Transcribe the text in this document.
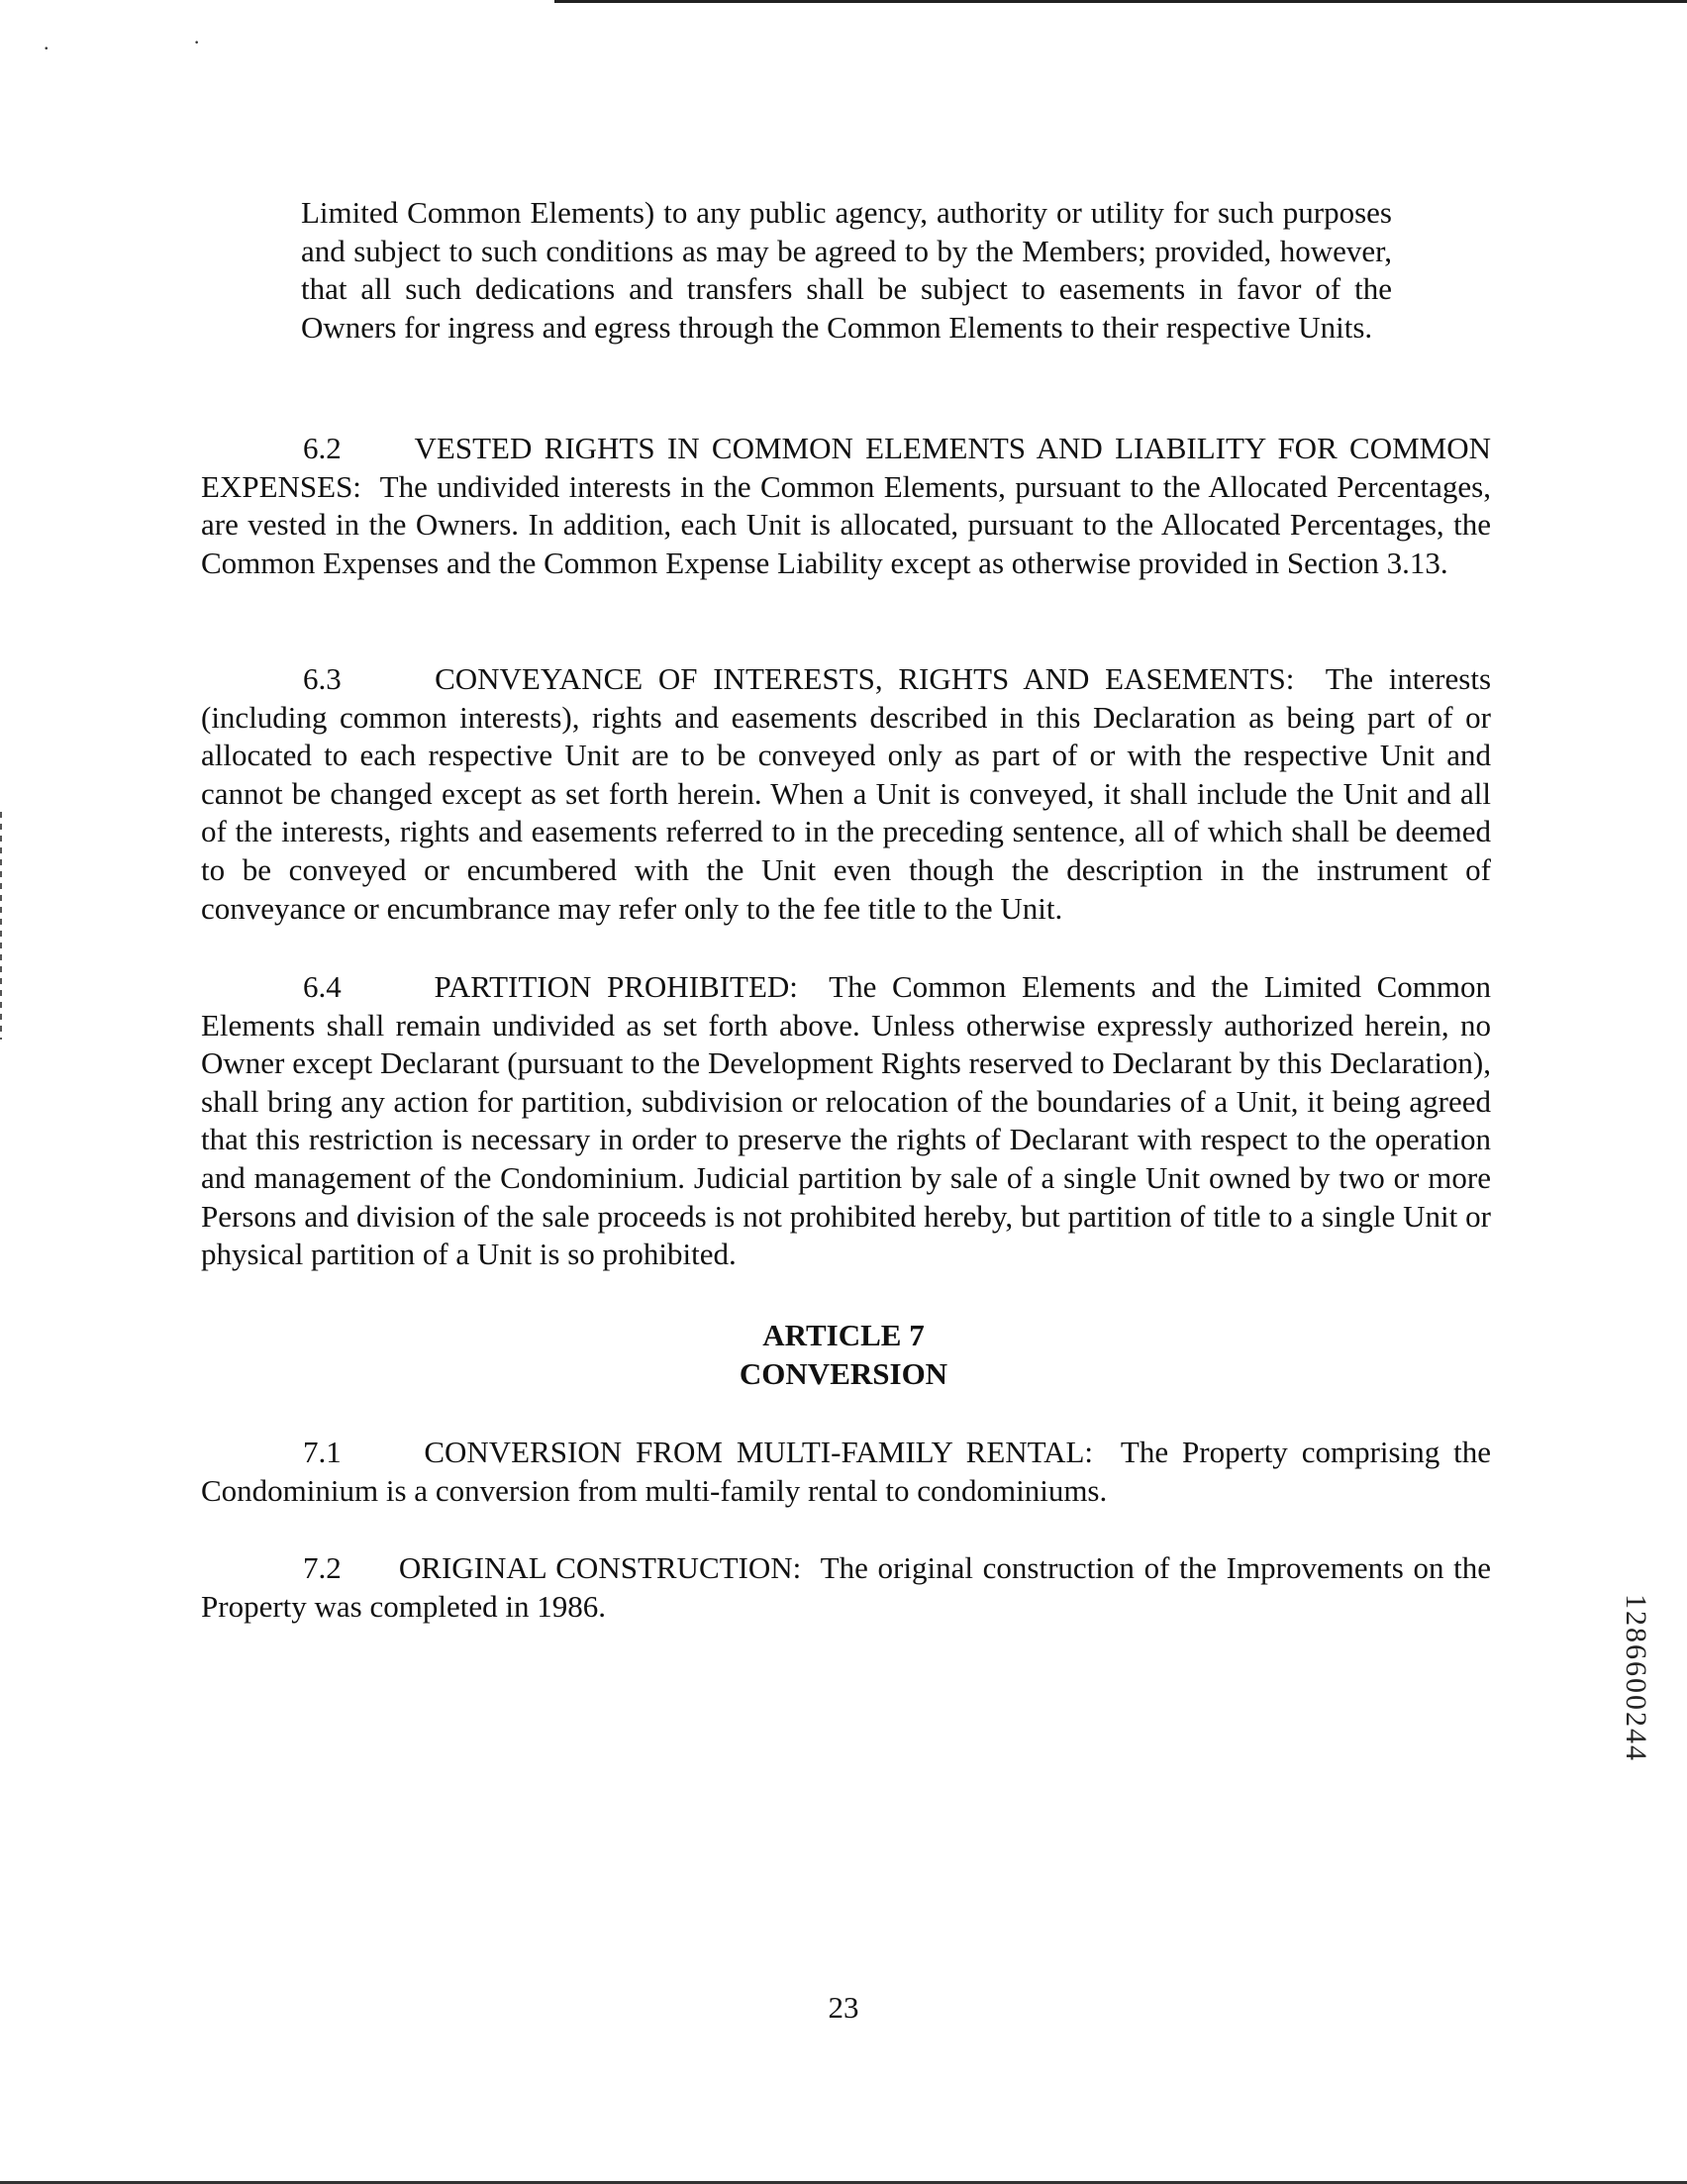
. ·

Limited Common Elements) to any public agency, authority or utility for such purposes and subject to such conditions as may be agreed to by the Members; provided, however, that all such dedications and transfers shall be subject to easements in favor of the Owners for ingress and egress through the Common Elements to their respective Units.

6.2 VESTED RIGHTS IN COMMON ELEMENTS AND LIABILITY FOR COMMON EXPENSES: The undivided interests in the Common Elements, pursuant to the Allocated Percentages, are vested in the Owners. In addition, each Unit is allocated, pursuant to the Allocated Percentages, the Common Expenses and the Common Expense Liability except as otherwise provided in Section 3.13.

6.3	CONVEYANCE OF INTERESTS, RIGHTS AND EASEMENTS: The interests (including common interests), rights and easements described in this Declaration as being part of or allocated to each respective Unit are to be conveyed only as part of or with the respective Unit and cannot be changed except as set forth herein. When a Unit is conveyed, it shall include the Unit and all of the interests, rights and easements referred to in the preceding sentence, all of which shall be deemed to be conveyed or encumbered with the Unit even though the description in the instrument of conveyance or encumbrance may refer only to the fee title to the Unit.

6.4	PARTITION PROHIBITED: The Common Elements and the Limited Common Elements shall remain undivided as set forth above. Unless otherwise expressly authorized herein, no Owner except Declarant (pursuant to the Development Rights reserved to Declarant by this Declaration), shall bring any action for partition, subdivision or relocation of the boundaries of a Unit, it being agreed that this restriction is necessary in order to preserve the rights of Declarant with respect to the operation and management of the Condominium. Judicial partition by sale of a single Unit owned by two or more Persons and division of the sale proceeds is not prohibited hereby, but partition of title to a single Unit or physical partition of a Unit is so prohibited.

ARTICLE 7

CONVERSION

7.1	CONVERSION FROM MULTI-FAMILY RENTAL: The Property comprising the Condominium is a conversion from multi-family rental to condominiums.

7.2 ORIGINAL CONSTRUCTION: The original construction of the Improvements on the Property was completed in 1986.	1286600244

23
